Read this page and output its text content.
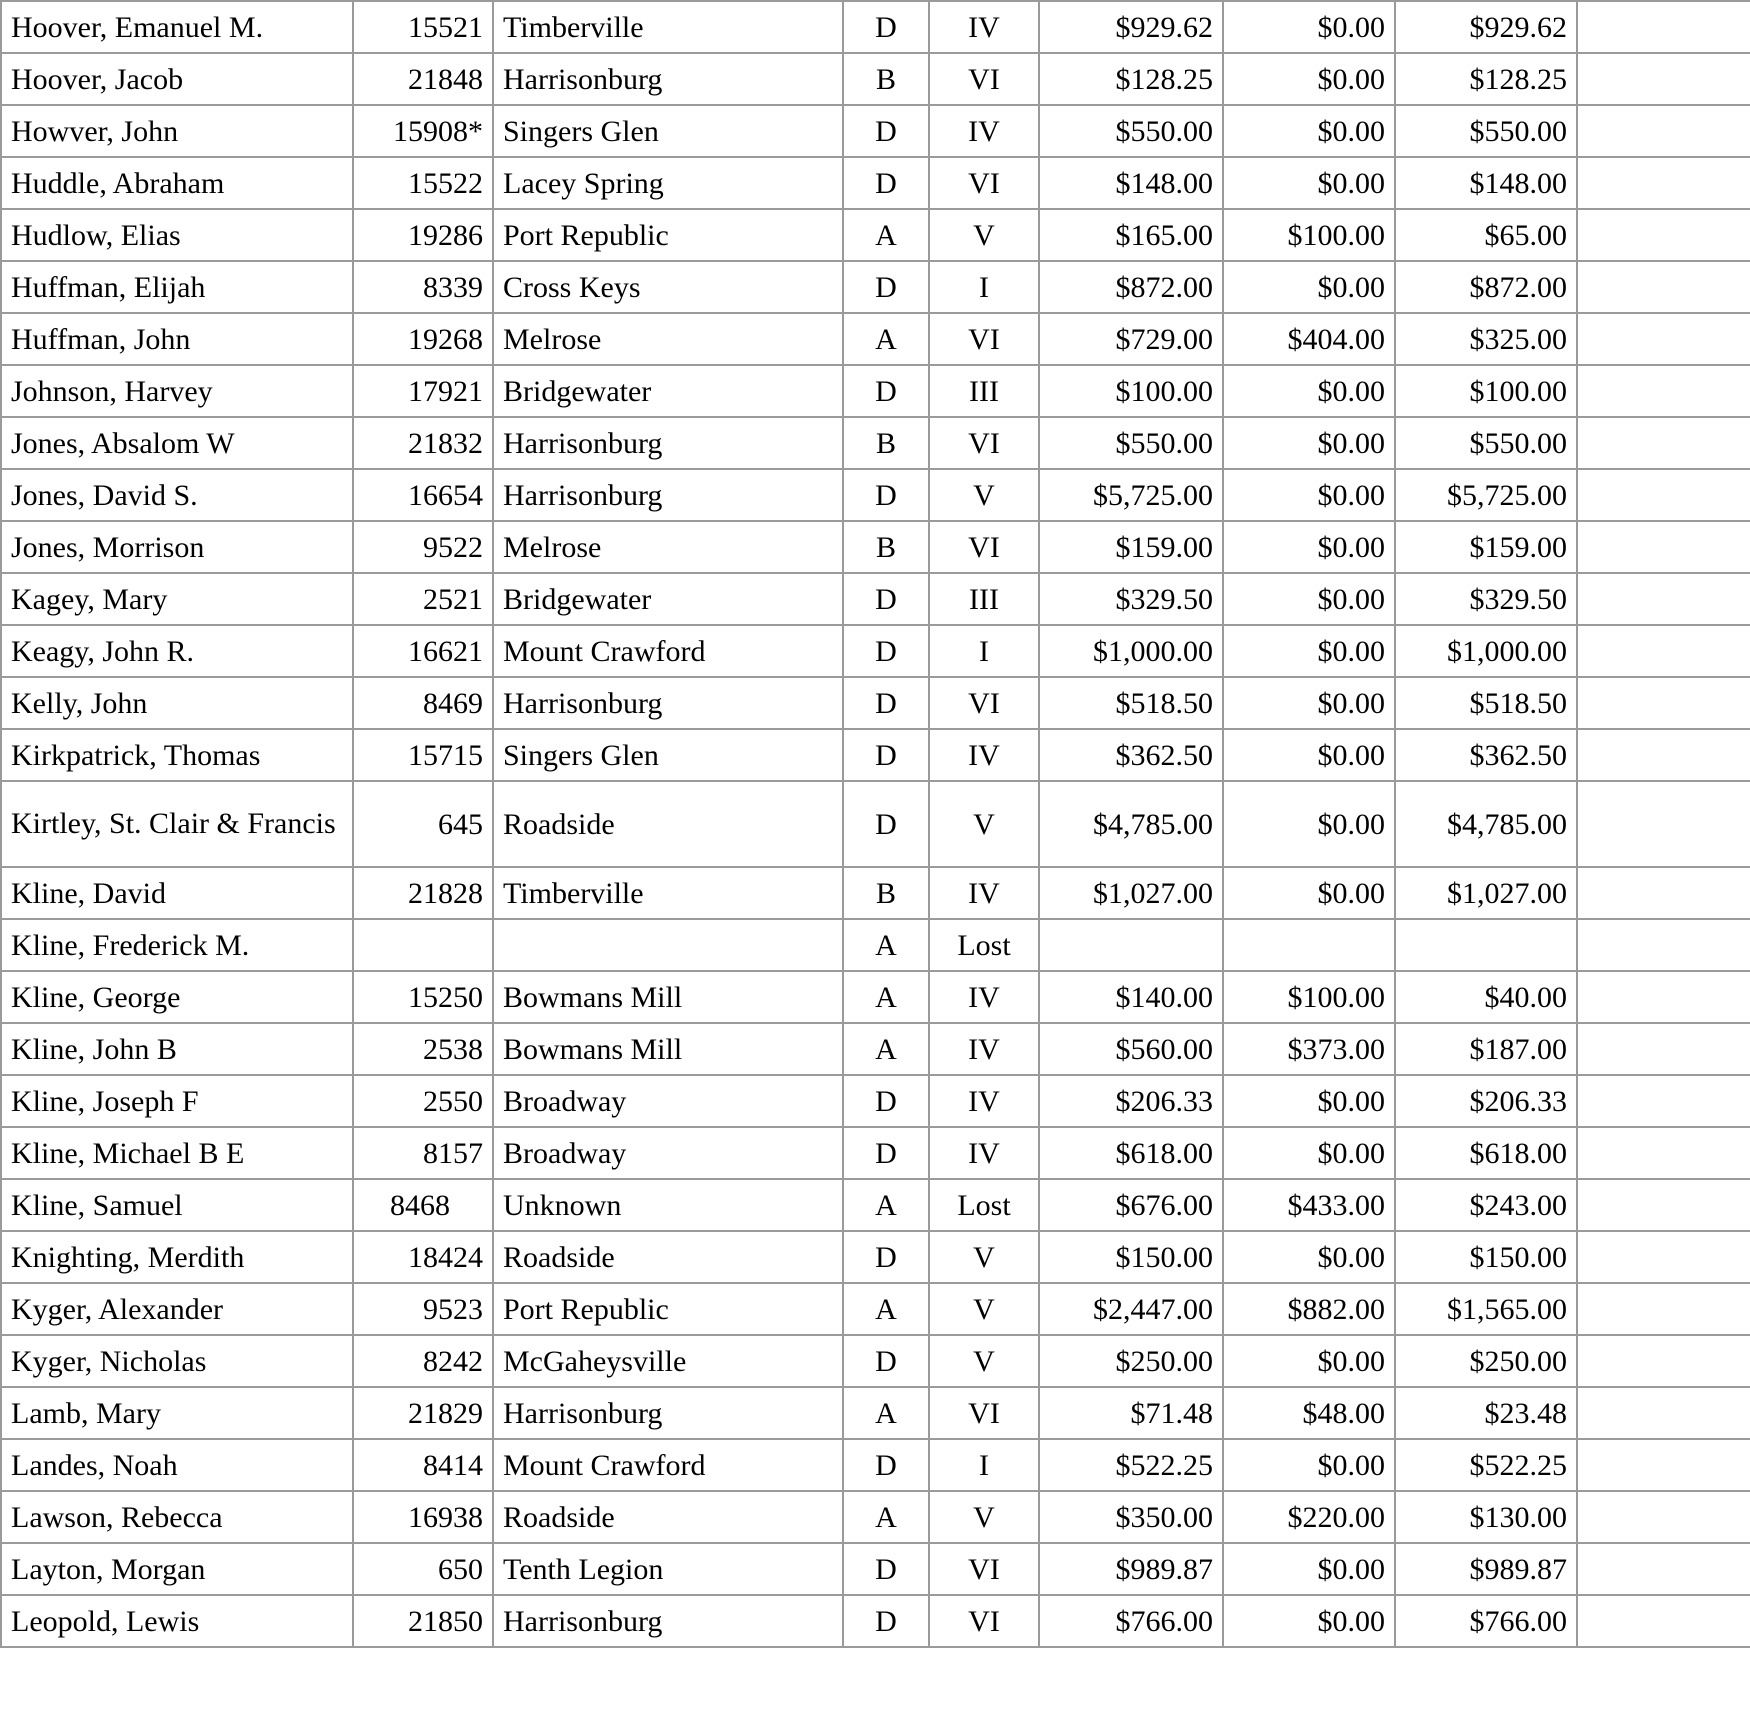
Hoover, Emanuel M.	15521	Timberville	D	IV	$929.62	$0.00	$929.62	
Hoover, Jacob	21848	Harrisonburg	B	VI	$128.25	$0.00	$128.25	
Howver, John	15908*	Singers Glen	D	IV	$550.00	$0.00	$550.00	
Huddle, Abraham	15522	Lacey Spring	D	VI	$148.00	$0.00	$148.00	
Hudlow, Elias	19286	Port Republic	A	V	$165.00	$100.00	$65.00	
Huffman, Elijah	8339	Cross Keys	D	I	$872.00	$0.00	$872.00	
Huffman, John	19268	Melrose	A	VI	$729.00	$404.00	$325.00	
Johnson, Harvey	17921	Bridgewater	D	III	$100.00	$0.00	$100.00	
Jones, Absalom W	21832	Harrisonburg	B	VI	$550.00	$0.00	$550.00	
Jones, David S.	16654	Harrisonburg	D	V	$5,725.00	$0.00	$5,725.00	
Jones, Morrison	9522	Melrose	B	VI	$159.00	$0.00	$159.00	
Kagey, Mary	2521	Bridgewater	D	III	$329.50	$0.00	$329.50	
Keagy, John R.	16621	Mount Crawford	D	I	$1,000.00	$0.00	$1,000.00	
Kelly, John	8469	Harrisonburg	D	VI	$518.50	$0.00	$518.50	
Kirkpatrick, Thomas	15715	Singers Glen	D	IV	$362.50	$0.00	$362.50	
Kirtley, St. Clair & Francis	645	Roadside	D	V	$4,785.00	$0.00	$4,785.00	
Kline, David	21828	Timberville	B	IV	$1,027.00	$0.00	$1,027.00	
Kline, Frederick M.			A	Lost				
Kline, George	15250	Bowmans Mill	A	IV	$140.00	$100.00	$40.00	
Kline, John B	2538	Bowmans Mill	A	IV	$560.00	$373.00	$187.00	
Kline, Joseph F	2550	Broadway	D	IV	$206.33	$0.00	$206.33	
Kline, Michael B E	8157	Broadway	D	IV	$618.00	$0.00	$618.00	
Kline, Samuel	8468	Unknown	A	Lost	$676.00	$433.00	$243.00	
Knighting, Merdith	18424	Roadside	D	V	$150.00	$0.00	$150.00	
Kyger, Alexander	9523	Port Republic	A	V	$2,447.00	$882.00	$1,565.00	
Kyger, Nicholas	8242	McGaheysville	D	V	$250.00	$0.00	$250.00	
Lamb, Mary	21829	Harrisonburg	A	VI	$71.48	$48.00	$23.48	
Landes, Noah	8414	Mount Crawford	D	I	$522.25	$0.00	$522.25	
Lawson, Rebecca	16938	Roadside	A	V	$350.00	$220.00	$130.00	
Layton, Morgan	650	Tenth Legion	D	VI	$989.87	$0.00	$989.87	
Leopold, Lewis	21850	Harrisonburg	D	VI	$766.00	$0.00	$766.00	
